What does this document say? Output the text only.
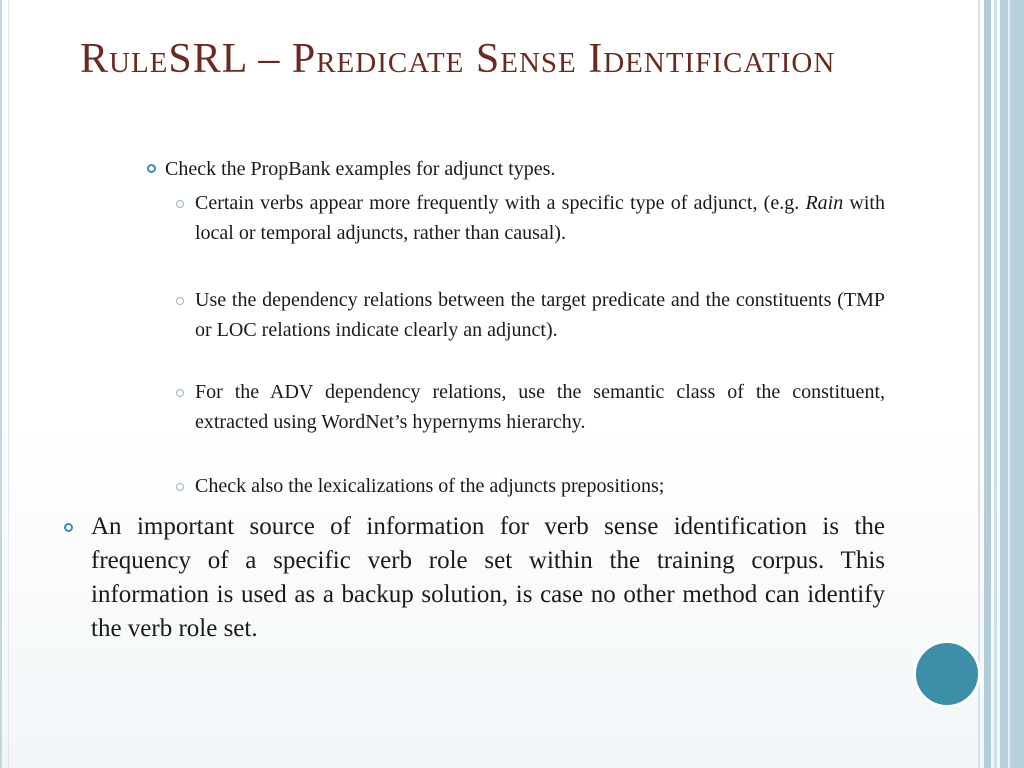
RuleSRL – Predicate Sense Identification
Check the PropBank examples for adjunct types.
Certain verbs appear more frequently with a specific type of adjunct, (e.g. Rain with local or temporal adjuncts, rather than causal).
Use the dependency relations between the target predicate and the constituents (TMP or LOC relations indicate clearly an adjunct).
For the ADV dependency relations, use the semantic class of the constituent, extracted using WordNet’s hypernyms hierarchy.
Check also the lexicalizations of the adjuncts prepositions;
An important source of information for verb sense identification is the frequency of a specific verb role set within the training corpus. This information is used as a backup solution, is case no other method can identify the verb role set.
